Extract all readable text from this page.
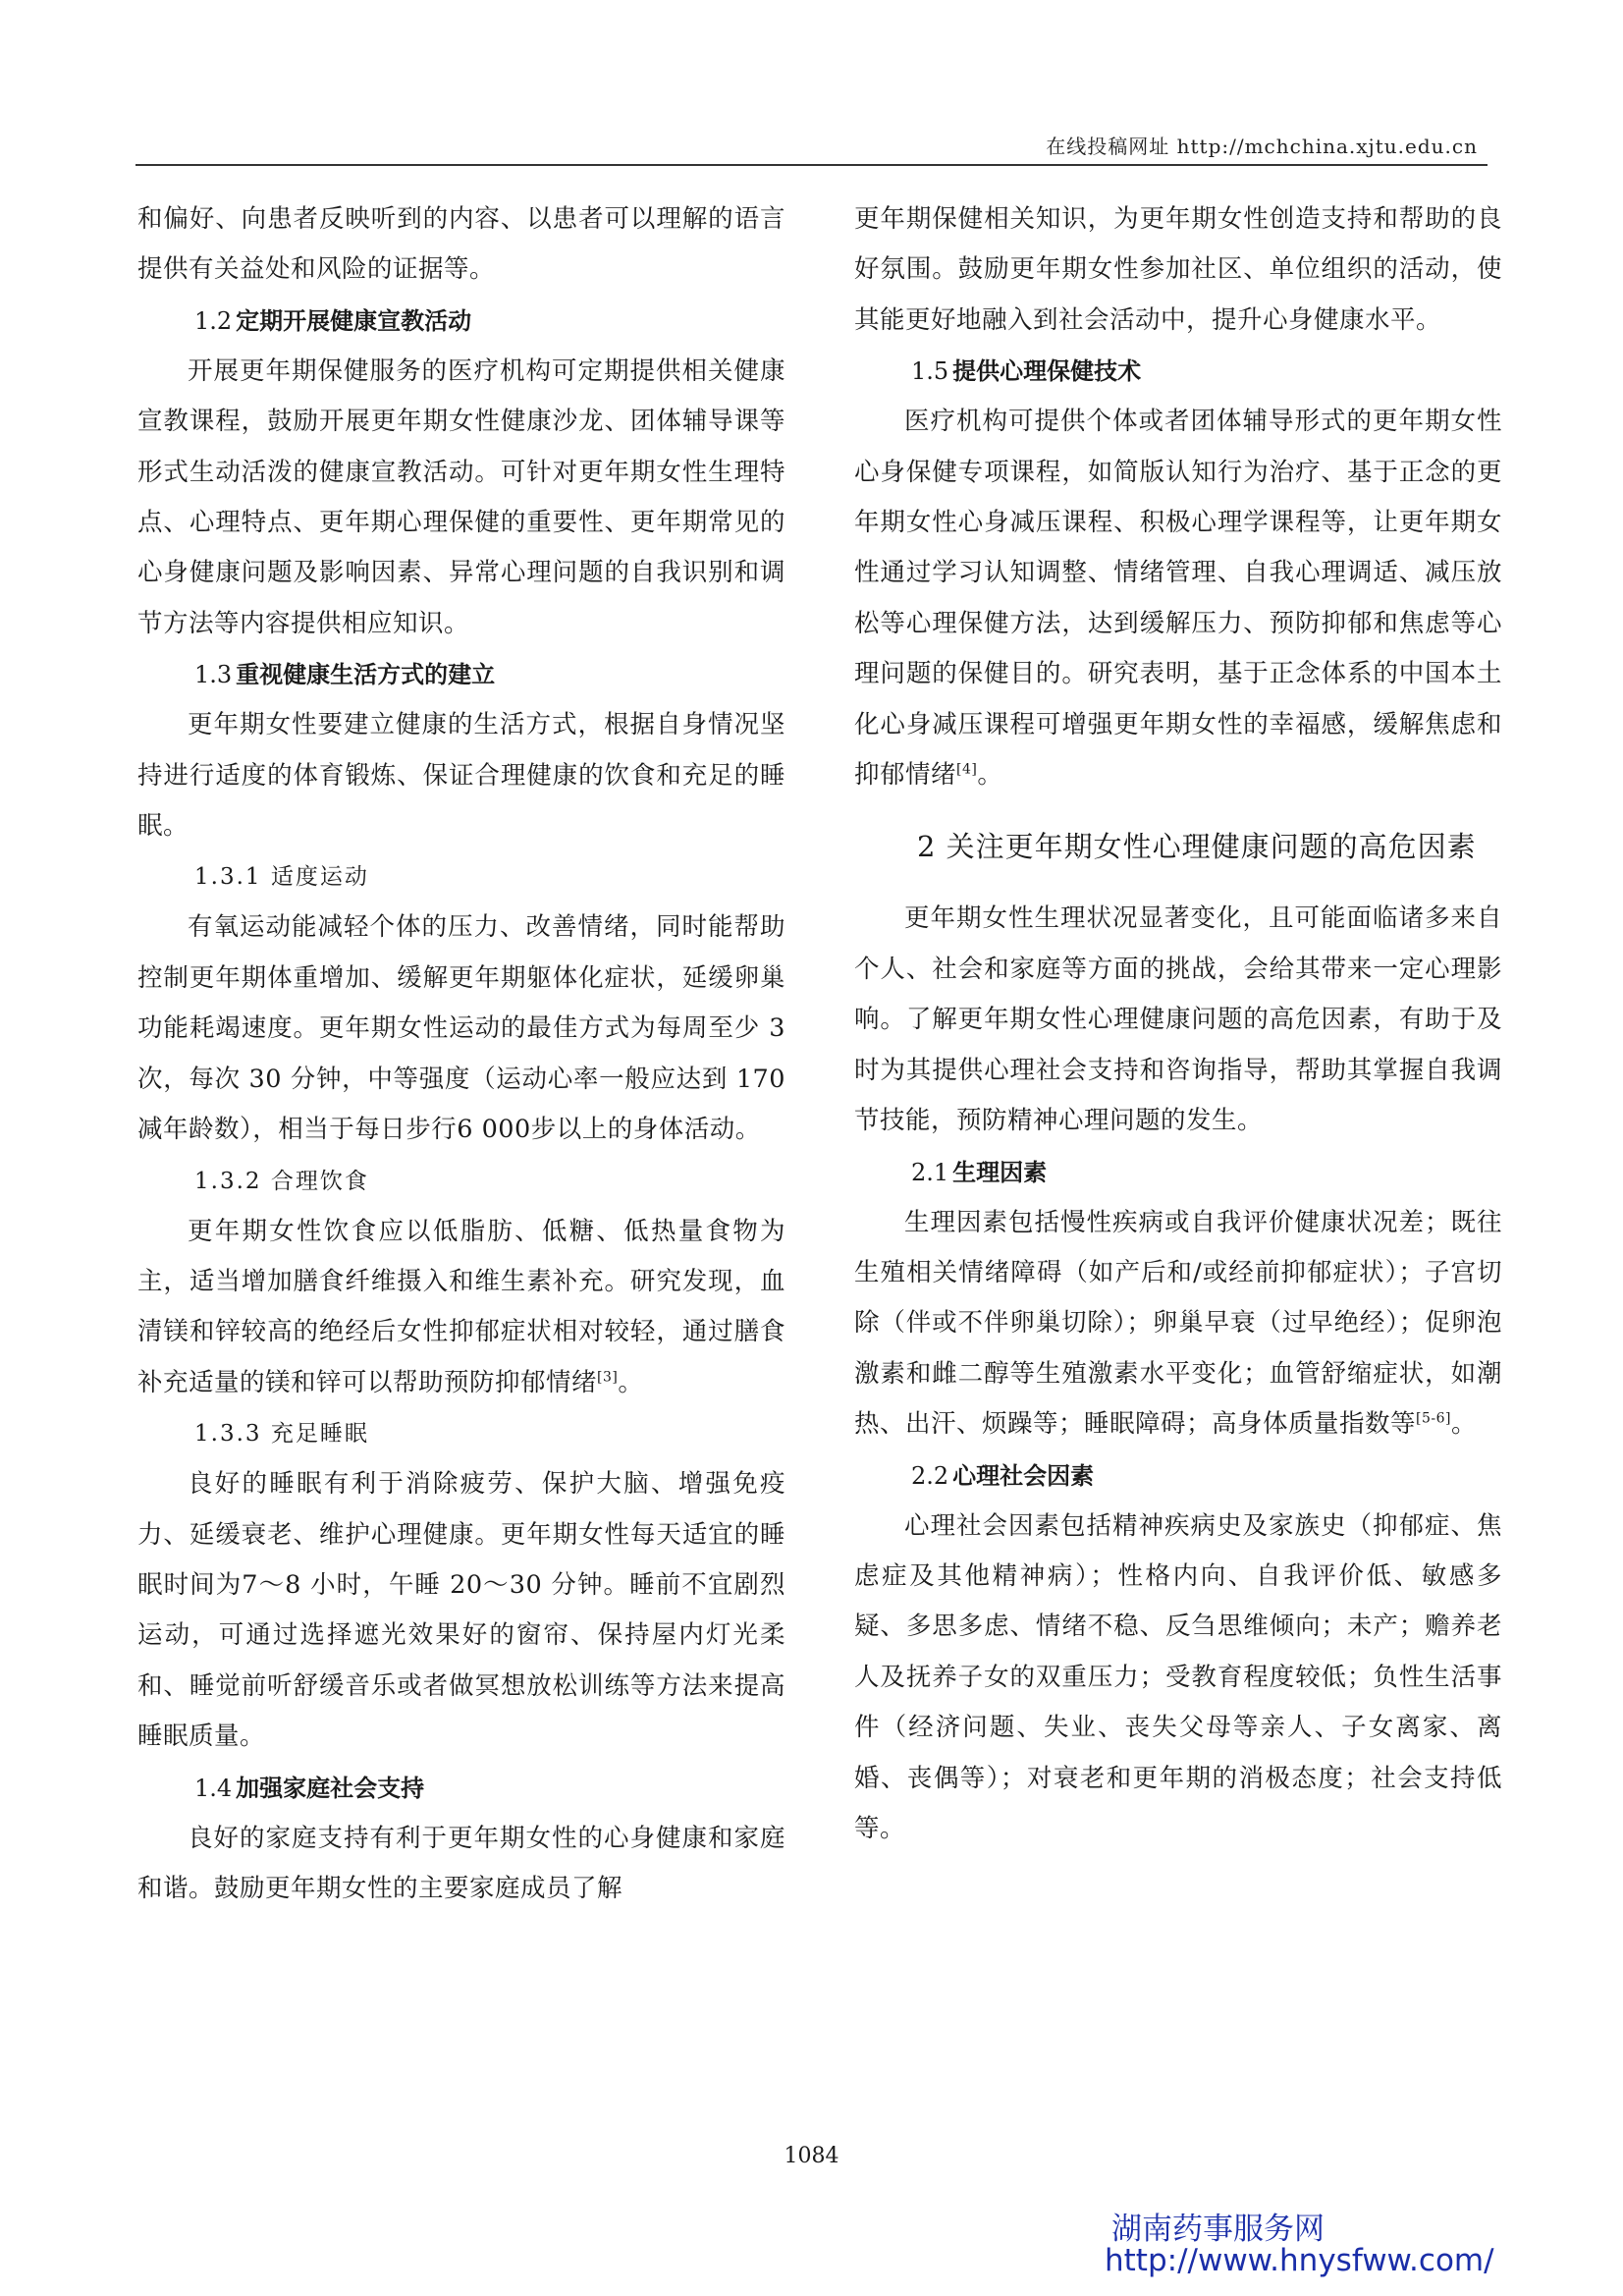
在线投稿网址 http://mchchina.xjtu.edu.cn

和偏好、向患者反映听到的内容、以患者可以理解的语言提供有关益处和风险的证据等。

1.2 定期开展健康宣教活动

开展更年期保健服务的医疗机构可定期提供相关健康宣教课程，鼓励开展更年期女性健康沙龙、团体辅导课等形式生动活泼的健康宣教活动。可针对更年期女性生理特点、心理特点、更年期心理保健的重要性、更年期常见的心身健康问题及影响因素、异常心理问题的自我识别和调节方法等内容提供相应知识。

1.3 重视健康生活方式的建立

更年期女性要建立健康的生活方式，根据自身情况坚持进行适度的体育锻炼、保证合理健康的饮食和充足的睡眠。

1.3.1 适度运动

有氧运动能减轻个体的压力、改善情绪，同时能帮助控制更年期体重增加、缓解更年期躯体化症状，延缓卵巢功能耗竭速度。更年期女性运动的最佳方式为每周至少 3 次，每次 30 分钟，中等强度（运动心率一般应达到 170 减年龄数），相当于每日步行6 000步以上的身体活动。

1.3.2 合理饮食

更年期女性饮食应以低脂肪、低糖、低热量食物为主，适当增加膳食纤维摄入和维生素补充。研究发现，血清镁和锌较高的绝经后女性抑郁症状相对较轻，通过膳食补充适量的镁和锌可以帮助预防抑郁情绪[3]。

1.3.3 充足睡眠

良好的睡眠有利于消除疲劳、保护大脑、增强免疫力、延缓衰老、维护心理健康。更年期女性每天适宜的睡眠时间为7～8 小时，午睡 20～30 分钟。睡前不宜剧烈运动，可通过选择遮光效果好的窗帘、保持屋内灯光柔和、睡觉前听舒缓音乐或者做冥想放松训练等方法来提高睡眠质量。

1.4 加强家庭社会支持

良好的家庭支持有利于更年期女性的心身健康和家庭和谐。鼓励更年期女性的主要家庭成员了解

更年期保健相关知识，为更年期女性创造支持和帮助的良好氛围。鼓励更年期女性参加社区、单位组织的活动，使其能更好地融入到社会活动中，提升心身健康水平。

1.5 提供心理保健技术

医疗机构可提供个体或者团体辅导形式的更年期女性心身保健专项课程，如简版认知行为治疗、基于正念的更年期女性心身减压课程、积极心理学课程等，让更年期女性通过学习认知调整、情绪管理、自我心理调适、减压放松等心理保健方法，达到缓解压力、预防抑郁和焦虑等心理问题的保健目的。研究表明，基于正念体系的中国本土化心身减压课程可增强更年期女性的幸福感，缓解焦虑和抑郁情绪[4]。

2 关注更年期女性心理健康问题的高危因素

更年期女性生理状况显著变化，且可能面临诸多来自个人、社会和家庭等方面的挑战，会给其带来一定心理影响。了解更年期女性心理健康问题的高危因素，有助于及时为其提供心理社会支持和咨询指导，帮助其掌握自我调节技能，预防精神心理问题的发生。

2.1 生理因素

生理因素包括慢性疾病或自我评价健康状况差；既往生殖相关情绪障碍（如产后和/或经前抑郁症状）；子宫切除（伴或不伴卵巢切除）；卵巢早衰（过早绝经）；促卵泡激素和雌二醇等生殖激素水平变化；血管舒缩症状，如潮热、出汗、烦躁等；睡眠障碍；高身体质量指数等[5-6]。

2.2 心理社会因素

心理社会因素包括精神疾病史及家族史（抑郁症、焦虑症及其他精神病）；性格内向、自我评价低、敏感多疑、多思多虑、情绪不稳、反刍思维倾向；未产；赡养老人及抚养子女的双重压力；受教育程度较低；负性生活事件（经济问题、失业、丧失父母等亲人、子女离家、离婚、丧偶等）；对衰老和更年期的消极态度；社会支持低等。

1084
湖南药事服务网
http://www.hnysfww.com/
